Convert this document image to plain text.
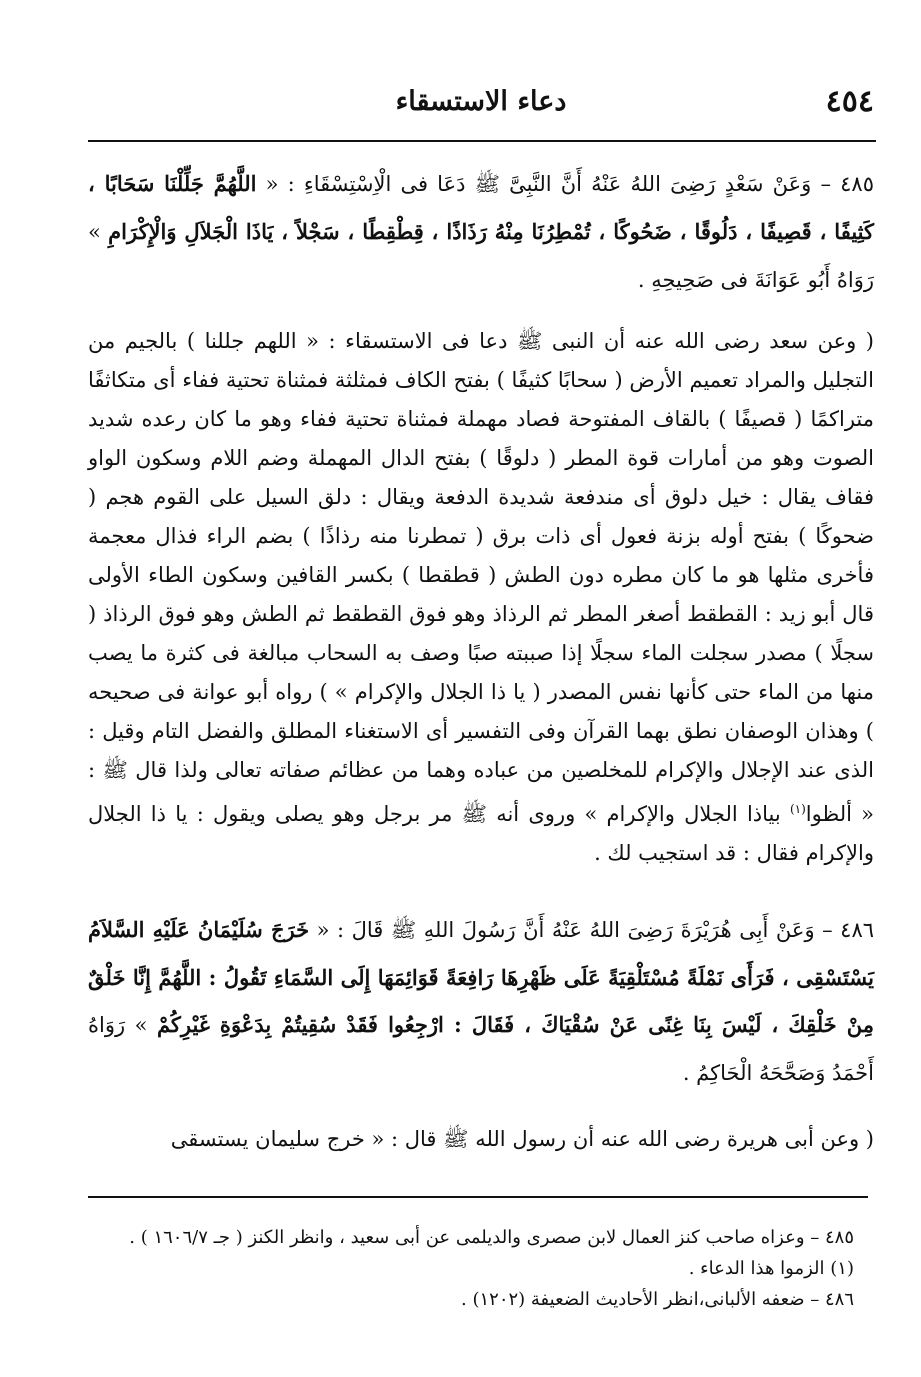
٤٥٤
دعاء الاستسقاء
٤٨٥ – وَعَنْ سَعْدٍ رَضِىَ اللهُ عَنْهُ أَنَّ النَّبِىَّ ﷺ دَعَا فى الْاِسْتِسْقَاءِ : « اللَّهُمَّ جَلِّلْنَا سَحَابًا ، كَثِيفًا ، قَصِيفًا ، دَلُوقًا ، ضَحُوكًا ، تُمْطِرُنَا مِنْهُ رَذَاذًا ، قِطْقِطًا ، سَجْلاً ، يَاذَا الْجَلاَلِ وَالْإِكْرَامِ » رَوَاهُ أَبُو عَوَانَةَ فى صَحِيحِهِ .
( وعن سعد رضى الله عنه أن النبى ﷺ دعا فى الاستسقاء : « اللهم جللنا ) بالجيم من التجليل والمراد تعميم الأرض ( سحابًا كثيفًا ) بفتح الكاف فمثلثة فمثناة تحتية ففاء أى متكاثفًا متراكمًا ( قصيفًا ) بالقاف المفتوحة فصاد مهملة فمثناة تحتية ففاء وهو ما كان رعده شديد الصوت وهو من أمارات قوة المطر ( دلوقًا ) بفتح الدال المهملة وضم اللام وسكون الواو فقاف يقال : خيل دلوق أى مندفعة شديدة الدفعة ويقال : دلق السيل على القوم هجم ( ضحوكًا ) بفتح أوله بزنة فعول أى ذات برق ( تمطرنا منه رذاذًا ) بضم الراء فذال معجمة فأخرى مثلها هو ما كان مطره دون الطش ( قطقطا ) بكسر القافين وسكون الطاء الأولى قال أبو زيد : القطقط أصغر المطر ثم الرذاذ وهو فوق القطقط ثم الطش وهو فوق الرذاذ ( سجلًا ) مصدر سجلت الماء سجلًا إذا صببته صبًا وصف به السحاب مبالغة فى كثرة ما يصب منها من الماء حتى كأنها نفس المصدر ( يا ذا الجلال والإكرام » ) رواه أبو عوانة فى صحيحه ) وهذان الوصفان نطق بهما القرآن وفى التفسير أى الاستغناء المطلق والفضل التام وقيل : الذى عند الإجلال والإكرام للمخلصين من عباده وهما من عظائم صفاته تعالى ولذا قال ﷺ : « ألظوا$^{(١)}$ بياذا الجلال والإكرام » وروى أنه ﷺ مر برجل وهو يصلى ويقول : يا ذا الجلال والإكرام فقال : قد استجيب لك .
٤٨٦ – وَعَنْ أَبِى هُرَيْرَةَ رَضِىَ اللهُ عَنْهُ أَنَّ رَسُولَ اللهِ ﷺ قَالَ : « خَرَجَ سُلَيْمَانُ عَلَيْهِ السَّلاَمُ يَسْتَسْقِى ، فَرَأَى نَمْلَةً مُسْتَلْقِيَةً عَلَى ظَهْرِهَا رَافِعَةً قَوَائِمَهَا إِلَى السَّمَاءِ تَقُولُ : اللَّهُمَّ إِنَّا خَلْقٌ مِنْ خَلْقِكَ ، لَيْسَ بِنَا غِنًى عَنْ سُقْيَاكَ ، فَقَالَ : ارْجِعُوا فَقَدْ سُقِيتُمْ بِدَعْوَةِ غَيْرِكُمْ » رَوَاهُ أَحْمَدُ وَصَحَّحَهُ الْحَاكِمُ .
( وعن أبى هريرة رضى الله عنه أن رسول الله ﷺ قال : « خرج سليمان يستسقى

٤٨٥ – وعزاه صاحب كنز العمال لابن صصرى والديلمى عن أبى سعيد ، وانظر الكنز ( جـ ١٦٠٦/٧ ) .

(١) الزموا هذا الدعاء .

٤٨٦ – ضعفه الألبانى،انظر الأحاديث الضعيفة (١٢٠٢) .
